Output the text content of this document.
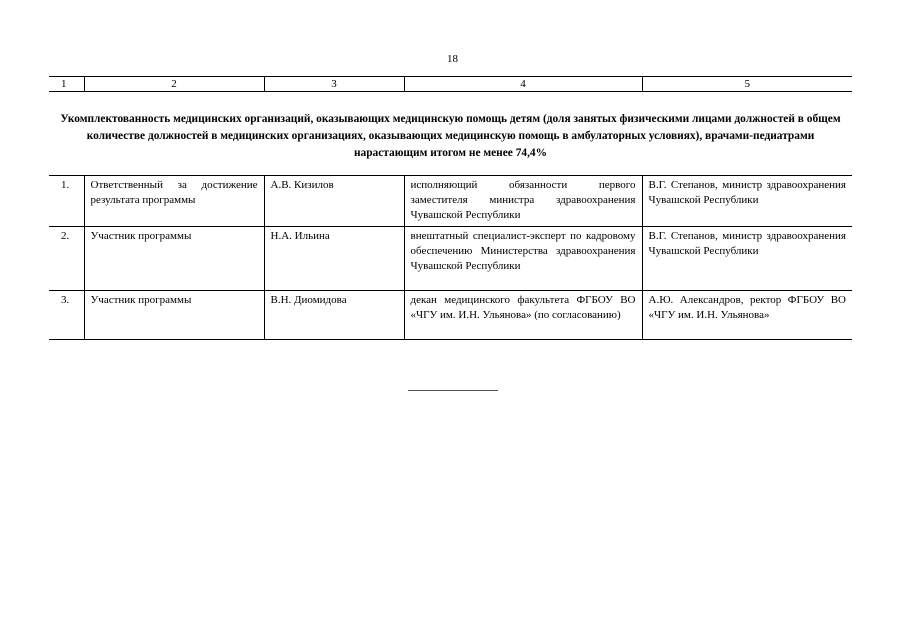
18
1	2	3	4	5
Укомплектованность медицинских организаций, оказывающих медицинскую помощь детям (доля занятых физическими лицами должностей в общем количестве должностей в медицинских организациях, оказывающих медицинскую помощь в амбулаторных условиях), врачами-педиатрами нарастающим итогом не менее 74,4%
1.	Ответственный за достижение результата программы	А.В. Кизилов	исполняющий обязанности первого заместителя министра здравоохранения Чувашской Республики	В.Г. Степанов, министр здравоохранения Чувашской Республики
2.	Участник программы	Н.А. Ильина	внештатный специалист-эксперт по кадровому обеспечению Министерства здравоохранения Чувашской Республики	В.Г. Степанов, министр здравоохранения Чувашской Республики
3.	Участник программы	В.Н. Диомидова	декан медицинского факультета ФГБОУ ВО «ЧГУ им. И.Н. Ульянова» (по согласованию)	А.Ю. Александров, ректор ФГБОУ ВО «ЧГУ им. И.Н. Ульянова»
